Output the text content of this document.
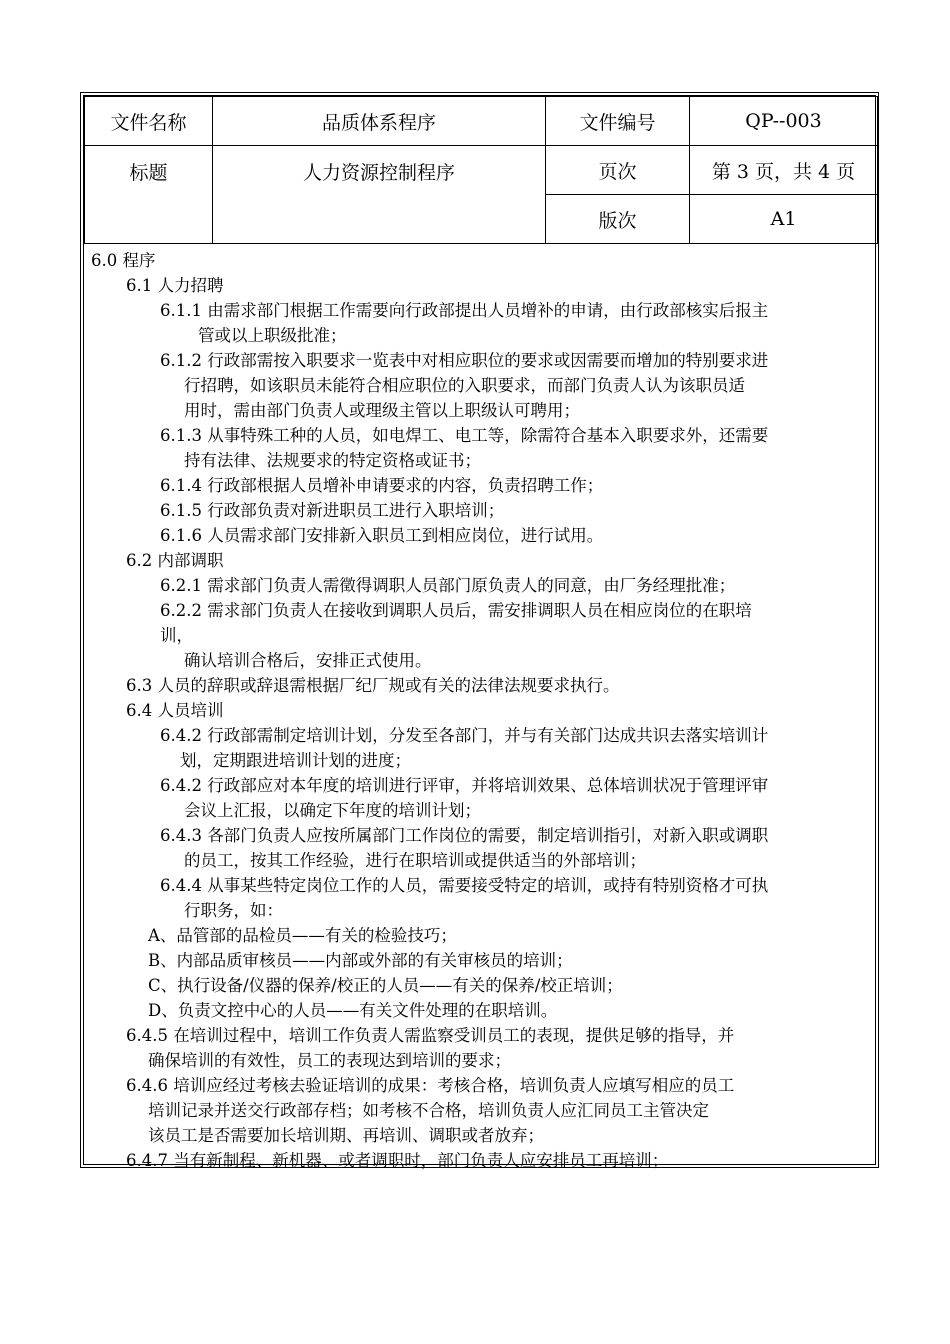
文件名称	品质体系程序	文件编号	QP--003
标题	人力资源控制程序	页次	第 3 页，共 4 页
		版次	A1
6.0 程序
6.1 人力招聘
6.1.1 由需求部门根据工作需要向行政部提出人员增补的申请，由行政部核实后报主
管或以上职级批准；
6.1.2 行政部需按入职要求一览表中对相应职位的要求或因需要而增加的特别要求进
行招聘，如该职员未能符合相应职位的入职要求，而部门负责人认为该职员适
用时，需由部门负责人或理级主管以上职级认可聘用；
6.1.3 从事特殊工种的人员，如电焊工、电工等，除需符合基本入职要求外，还需要
持有法律、法规要求的特定资格或证书；
6.1.4 行政部根据人员增补申请要求的内容，负责招聘工作；
6.1.5 行政部负责对新进职员工进行入职培训；
6.1.6 人员需求部门安排新入职员工到相应岗位，进行试用。
6.2 内部调职
6.2.1 需求部门负责人需徵得调职人员部门原负责人的同意，由厂务经理批准；
6.2.2 需求部门负责人在接收到调职人员后，需安排调职人员在相应岗位的在职培
训，
确认培训合格后，安排正式使用。
6.3 人员的辞职或辞退需根据厂纪厂规或有关的法律法规要求执行。
6.4 人员培训
6.4.2 行政部需制定培训计划，分发至各部门，并与有关部门达成共识去落实培训计
划，定期跟进培训计划的进度；
6.4.2 行政部应对本年度的培训进行评审，并将培训效果、总体培训状况于管理评审
会议上汇报，以确定下年度的培训计划；
6.4.3 各部门负责人应按所属部门工作岗位的需要，制定培训指引，对新入职或调职
的员工，按其工作经验，进行在职培训或提供适当的外部培训；
6.4.4 从事某些特定岗位工作的人员，需要接受特定的培训，或持有特别资格才可执
行职务，如：
A、品管部的品检员——有关的检验技巧；
B、内部品质审核员——内部或外部的有关审核员的培训；
C、执行设备/仪器的保养/校正的人员——有关的保养/校正培训；
D、负责文控中心的人员——有关文件处理的在职培训。
6.4.5 在培训过程中，培训工作负责人需监察受训员工的表现，提供足够的指导，并
确保培训的有效性，员工的表现达到培训的要求；
6.4.6 培训应经过考核去验证培训的成果：考核合格，培训负责人应填写相应的员工
培训记录并送交行政部存档；如考核不合格，培训负责人应汇同员工主管决定
该员工是否需要加长培训期、再培训、调职或者放弃；
6.4.7 当有新制程、新机器、或者调职时，部门负责人应安排员工再培训；
